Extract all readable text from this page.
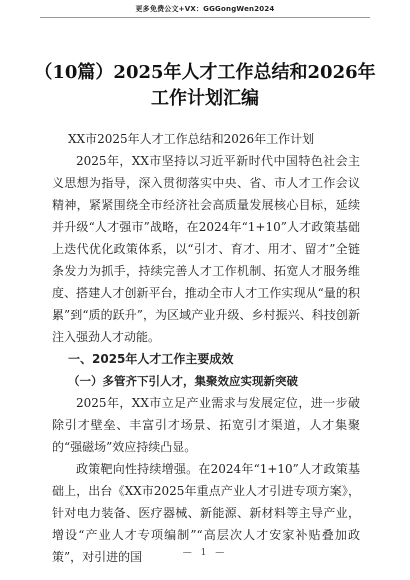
更多免费公文+VX：GGGongWen2024
（10篇）2025年人才工作总结和2026年工作计划汇编

XX市2025年人才工作总结和2026年工作计划

2025年，XX市坚持以习近平新时代中国特色社会主义思想为指导，深入贯彻落实中央、省、市人才工作会议精神，紧紧围绕全市经济社会高质量发展核心目标，延续并升级“人才强市”战略，在2024年“1+10”人才政策基础上迭代优化政策体系，以“引才、育才、用才、留才”全链条发力为抓手，持续完善人才工作机制、拓宽人才服务维度、搭建人才创新平台，推动全市人才工作实现从“量的积累”到“质的跃升”，为区域产业升级、乡村振兴、科技创新注入强劲人才动能。

一、2025年人才工作主要成效

（一）多管齐下引人才，集聚效应实现新突破

2025年，XX市立足产业需求与发展定位，进一步破除引才壁垒、丰富引才场景、拓宽引才渠道，人才集聚的“强磁场”效应持续凸显。

政策靶向性持续增强。在2024年“1+10”人才政策基础上，出台《XX市2025年重点产业人才引进专项方案》，针对电力装备、医疗器械、新能源、新材料等主导产业，增设“产业人才专项编制”“高层次人才安家补贴叠加政策”，对引进的国	— 1 —
